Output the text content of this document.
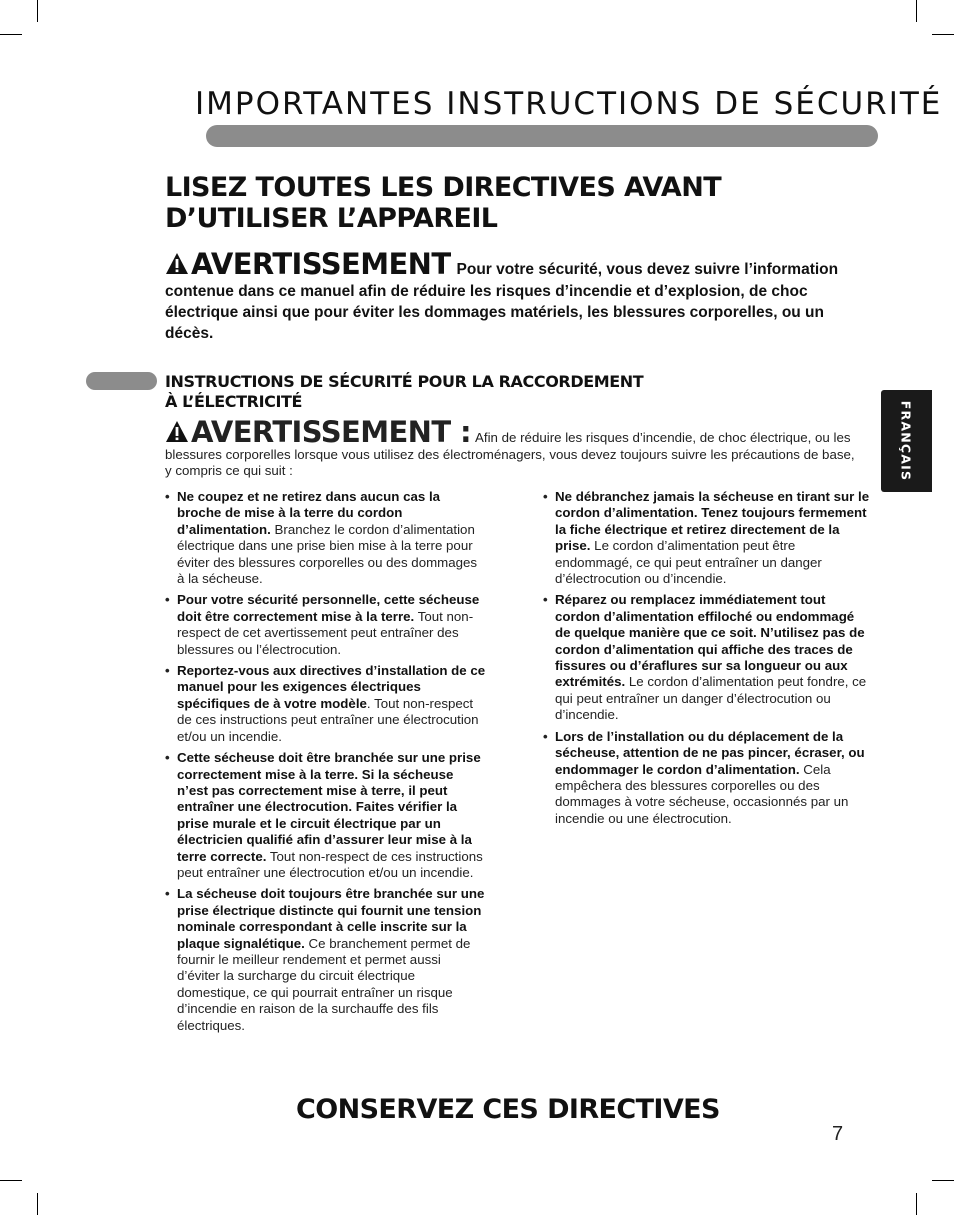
IMPORTANTES INSTRUCTIONS DE SÉCURITÉ
LISEZ TOUTES LES DIRECTIVES AVANT
D’UTILISER L’APPAREIL
AVERTISSEMENT Pour votre sécurité, vous devez suivre l’information contenue dans ce manuel afin de réduire les risques d’incendie et d’explosion, de choc électrique ainsi que pour éviter les dommages matériels, les blessures corporelles, ou un décès.
INSTRUCTIONS DE SÉCURITÉ POUR LA RACCORDEMENT
À L’ÉLECTRICITÉ	FRANÇAIS
AVERTISSEMENT : Afin de réduire les risques d’incendie, de choc électrique, ou les blessures corporelles lorsque vous utilisez des électroménagers, vous devez toujours suivre les précautions de base, y compris ce qui suit :
• Ne coupez et ne retirez dans aucun cas la broche de mise à la terre du cordon d’alimentation. Branchez le cordon d’alimentation électrique dans une prise bien mise à la terre pour éviter des blessures corporelles ou des dommages à la sécheuse.
• Pour votre sécurité personnelle, cette sécheuse doit être correctement mise à la terre. Tout non-respect de cet avertissement peut entraîner des blessures ou l’électrocution.
• Reportez-vous aux directives d’installation de ce manuel pour les exigences électriques spécifiques de à votre modèle. Tout non-respect de ces instructions peut entraîner une électrocution et/ou un incendie.
• Cette sécheuse doit être branchée sur une prise correctement mise à la terre. Si la sécheuse n’est pas correctement mise à terre, il peut entraîner une électrocution. Faites vérifier la prise murale et le circuit électrique par un électricien qualifié afin d’assurer leur mise à la terre correcte. Tout non-respect de ces instructions peut entraîner une électrocution et/ou un incendie.
• La sécheuse doit toujours être branchée sur une prise électrique distincte qui fournit une tension nominale correspondant à celle inscrite sur la plaque signalétique. Ce branchement permet de fournir le meilleur rendement et permet aussi d’éviter la surcharge du circuit électrique domestique, ce qui pourrait entraîner un risque d’incendie en raison de la surchauffe des fils électriques.
• Ne débranchez jamais la sécheuse en tirant sur le cordon d’alimentation. Tenez toujours fermement la fiche électrique et retirez directement de la prise. Le cordon d’alimentation peut être endommagé, ce qui peut entraîner un danger d’électrocution ou d’incendie.
• Réparez ou remplacez immédiatement tout cordon d’alimentation effiloché ou endommagé de quelque manière que ce soit. N’utilisez pas de cordon d’alimentation qui affiche des traces de fissures ou d’éraflures sur sa longueur ou aux extrémités. Le cordon d’alimentation peut fondre, ce qui peut entraîner un danger d’électrocution ou d’incendie.
• Lors de l’installation ou du déplacement de la sécheuse, attention de ne pas pincer, écraser, ou endommager le cordon d’alimentation. Cela empêchera des blessures corporelles ou des dommages à votre sécheuse, occasionnés par un incendie ou une électrocution.
CONSERVEZ CES DIRECTIVES
7
